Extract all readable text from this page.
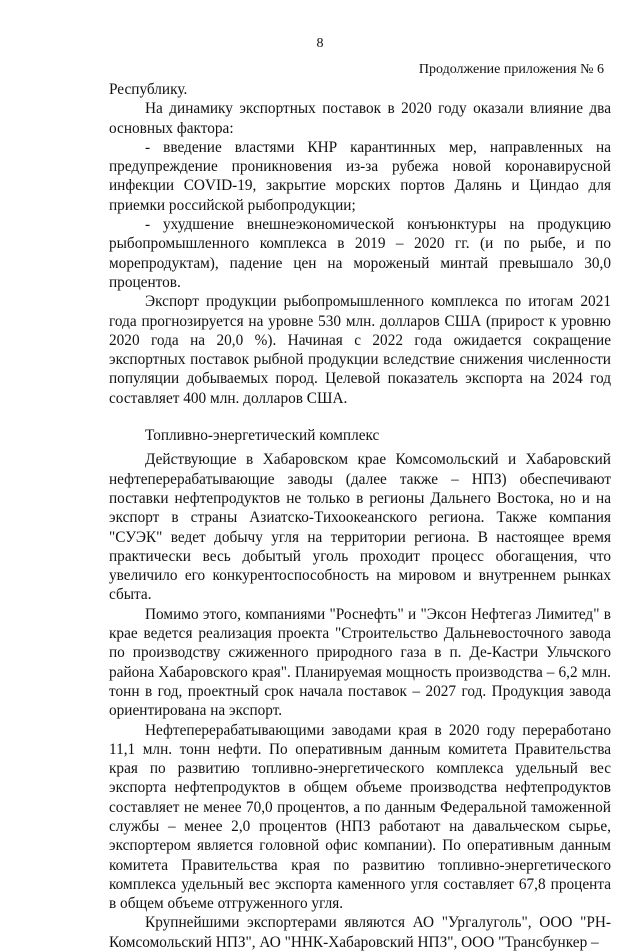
8
Продолжение приложения № 6

Республику.

На динамику экспортных поставок в 2020 году оказали влияние два основных фактора:

- введение властями КНР карантинных мер, направленных на предупреждение проникновения из-за рубежа новой коронавирусной инфекции COVID-19, закрытие морских портов Далянь и Циндао для приемки российской рыбопродукции;

- ухудшение внешнеэкономической конъюнктуры на продукцию рыбопромышленного комплекса в 2019 – 2020 гг. (и по рыбе, и по морепродуктам), падение цен на мороженый минтай превышало 30,0 процентов.

Экспорт продукции рыбопромышленного комплекса по итогам 2021 года прогнозируется на уровне 530 млн. долларов США (прирост к уровню 2020 года на 20,0 %). Начиная с 2022 года ожидается сокращение экспортных поставок рыбной продукции вследствие снижения численности популяции добываемых пород. Целевой показатель экспорта на 2024 год составляет 400 млн. долларов США.

Топливно-энергетический комплекс

Действующие в Хабаровском крае Комсомольский и Хабаровский нефтеперерабатывающие заводы (далее также – НПЗ) обеспечивают поставки нефтепродуктов не только в регионы Дальнего Востока, но и на экспорт в страны Азиатско-Тихоокеанского региона. Также компания "СУЭК" ведет добычу угля на территории региона. В настоящее время практически весь добытый уголь проходит процесс обогащения, что увеличило его конкурентоспособность на мировом и внутреннем рынках сбыта.

Помимо этого, компаниями "Роснефть" и "Эксон Нефтегаз Лимитед" в крае ведется реализация проекта "Строительство Дальневосточного завода по производству сжиженного природного газа в п. Де-Кастри Ульчского района Хабаровского края". Планируемая мощность производства – 6,2 млн. тонн в год, проектный срок начала поставок – 2027 год. Продукция завода ориентирована на экспорт.

Нефтеперерабатывающими заводами края в 2020 году переработано 11,1 млн. тонн нефти. По оперативным данным комитета Правительства края по развитию топливно-энергетического комплекса удельный вес экспорта нефтепродуктов в общем объеме производства нефтепродуктов составляет не менее 70,0 процентов, а по данным Федеральной таможенной службы – менее 2,0 процентов (НПЗ работают на давальческом сырье, экспортером является головной офис компании). По оперативным данным комитета Правительства края по развитию топливно-энергетического комплекса удельный вес экспорта каменного угля составляет 67,8 процента в общем объеме отгруженного угля.

Крупнейшими экспортерами являются АО "Ургалуголь", ООО "РН-Комсомольский НПЗ", АО "ННК-Хабаровский НПЗ", ООО "Трансбункер –
